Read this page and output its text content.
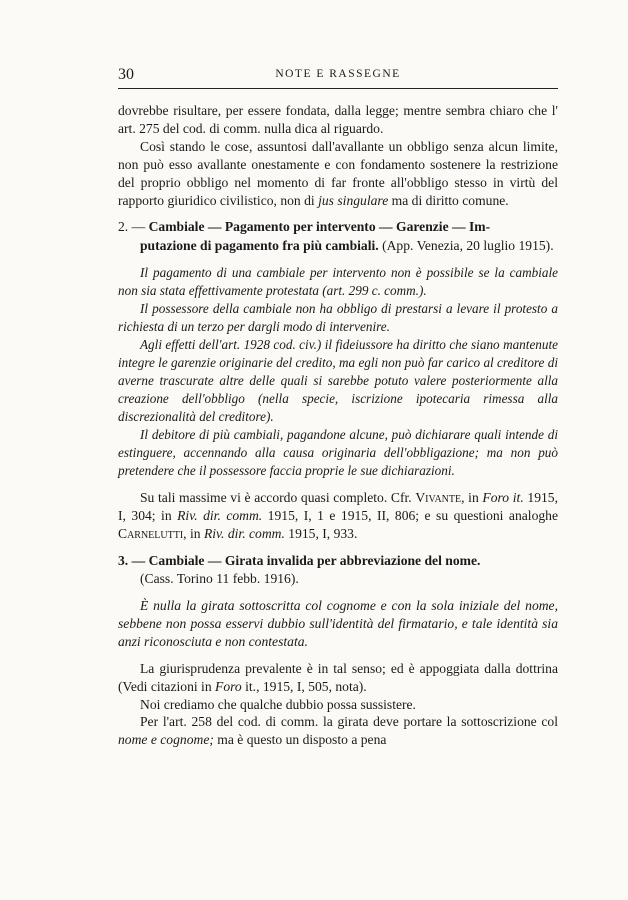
30	NOTE E RASSEGNE

dovrebbe risultare, per essere fondata, dalla legge; mentre sembra chiaro che l' art. 275 del cod. di comm. nulla dica al riguardo.

Così stando le cose, assuntosi dall'avallante un obbligo senza alcun limite, non può esso avallante onestamente e con fondamento sostenere la restrizione del proprio obbligo nel momento di far fronte all'obbligo stesso in virtù del rapporto giuridico civilistico, non di jus singulare ma di diritto comune.

2. — Cambiale — Pagamento per intervento — Garenzie — Im-
putazione di pagamento fra più cambiali. (App. Venezia, 20 luglio 1915).

Il pagamento di una cambiale per intervento non è possibile se la cambiale non sia stata effettivamente protestata (art. 299 c. comm.).

Il possessore della cambiale non ha obbligo di prestarsi a levare il protesto a richiesta di un terzo per dargli modo di intervenire.

Agli effetti dell'art. 1928 cod. civ.) il fideiussore ha diritto che siano mantenute integre le garenzie originarie del credito, ma egli non può far carico al creditore di averne trascurate altre delle quali si sarebbe potuto valere posteriormente alla creazione dell'obbligo (nella specie, iscrizione ipotecaria rimessa alla discrezionalità del creditore).

Il debitore di più cambiali, pagandone alcune, può dichiarare quali intende di estinguere, accennando alla causa originaria dell'obbligazione; ma non può pretendere che il possessore faccia proprie le sue dichiarazioni.

Su tali massime vi è accordo quasi completo. Cfr. Vivante, in Foro it. 1915, I, 304; in Riv. dir. comm. 1915, I, 1 e 1915, II, 806; e su questioni analoghe Carnelutti, in Riv. dir. comm. 1915, I, 933.

3. — Cambiale — Girata invalida per abbreviazione del nome.
(Cass. Torino 11 febb. 1916).

È nulla la girata sottoscritta col cognome e con la sola iniziale del nome, sebbene non possa esservi dubbio sull'identità del firmatario, e tale identità sia anzi riconosciuta e non contestata.

La giurisprudenza prevalente è in tal senso; ed è appoggiata dalla dottrina (Vedi citazioni in Foro it., 1915, I, 505, nota).

Noi crediamo che qualche dubbio possa sussistere.

Per l'art. 258 del cod. di comm. la girata deve portare la sottoscrizione col nome e cognome; ma è questo un disposto a pena
